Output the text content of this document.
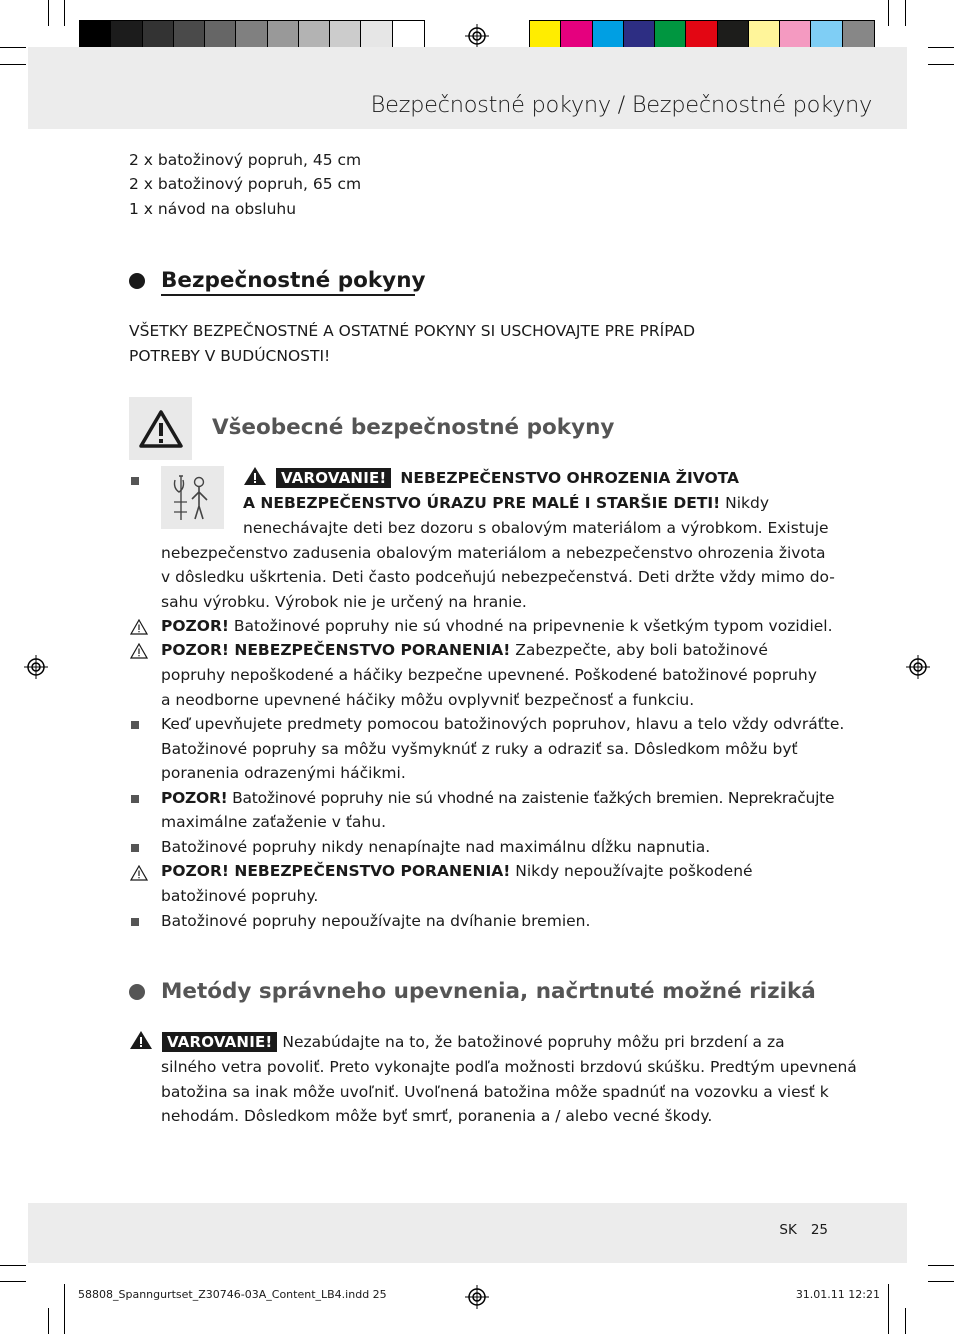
Bezpečnostné pokyny / Bezpečnostné pokyny
2 x batožinový popruh, 45 cm
2 x batožinový popruh, 65 cm
1 x návod na obsluhu
Bezpečnostné pokyny
VŠETKY BEZPEČNOSTNÉ A OSTATNÉ POKYNY SI USCHOVAJTE PRE PRÍPAD
POTREBY V BUDÚCNOSTI!
Všeobecné bezpečnostné pokyny
VAROVANIE! NEBEZPEČENSTVO OHROZENIA ŽIVOTA
A NEBEZPEČENSTVO ÚRAZU PRE MALÉ I STARŠIE DETI! Nikdy
nenechávajte deti bez dozoru s obalovým materiálom a výrobkom. Existuje
nebezpečenstvo zadusenia obalovým materiálom a nebezpečenstvo ohrozenia života
v dôsledku uškrtenia. Deti často podceňujú nebezpečenstvá. Deti držte vždy mimo do-
sahu výrobku. Výrobok nie je určený na hranie.
POZOR! Batožinové popruhy nie sú vhodné na pripevnenie k všetkým typom vozidiel.
POZOR! NEBEZPEČENSTVO PORANENIA! Zabezpečte, aby boli batožinové
popruhy nepoškodené a háčiky bezpečne upevnené. Poškodené batožinové popruhy
a neodborne upevnené háčiky môžu ovplyvniť bezpečnosť a funkciu.
Keď upevňujete predmety pomocou batožinových popruhov, hlavu a telo vždy odvráťte.
Batožinové popruhy sa môžu vyšmyknúť z ruky a odraziť sa. Dôsledkom môžu byť
poranenia odrazenými háčikmi.
POZOR! Batožinové popruhy nie sú vhodné na zaistenie ťažkých bremien. Neprekračujte
maximálne zaťaženie v ťahu.
Batožinové popruhy nikdy nenapínajte nad maximálnu dĺžku napnutia.
POZOR! NEBEZPEČENSTVO PORANENIA! Nikdy nepoužívajte poškodené
batožinové popruhy.
Batožinové popruhy nepoužívajte na dvíhanie bremien.
Metódy správneho upevnenia, načrtnuté možné riziká
VAROVANIE! Nezabúdajte na to, že batožinové popruhy môžu pri brzdení a za
silného vetra povoliť. Preto vykonajte podľa možnosti brzdovú skúšku. Predtým upevnená
batožina sa inak môže uvoľniť. Uvoľnená batožina môže spadnúť na vozovku a viesť k
nehodám. Dôsledkom môže byť smrť, poranenia a / alebo vecné škody.
SK 25
58808_Spanngurtset_Z30746-03A_Content_LB4.indd 25	31.01.11 12:21
